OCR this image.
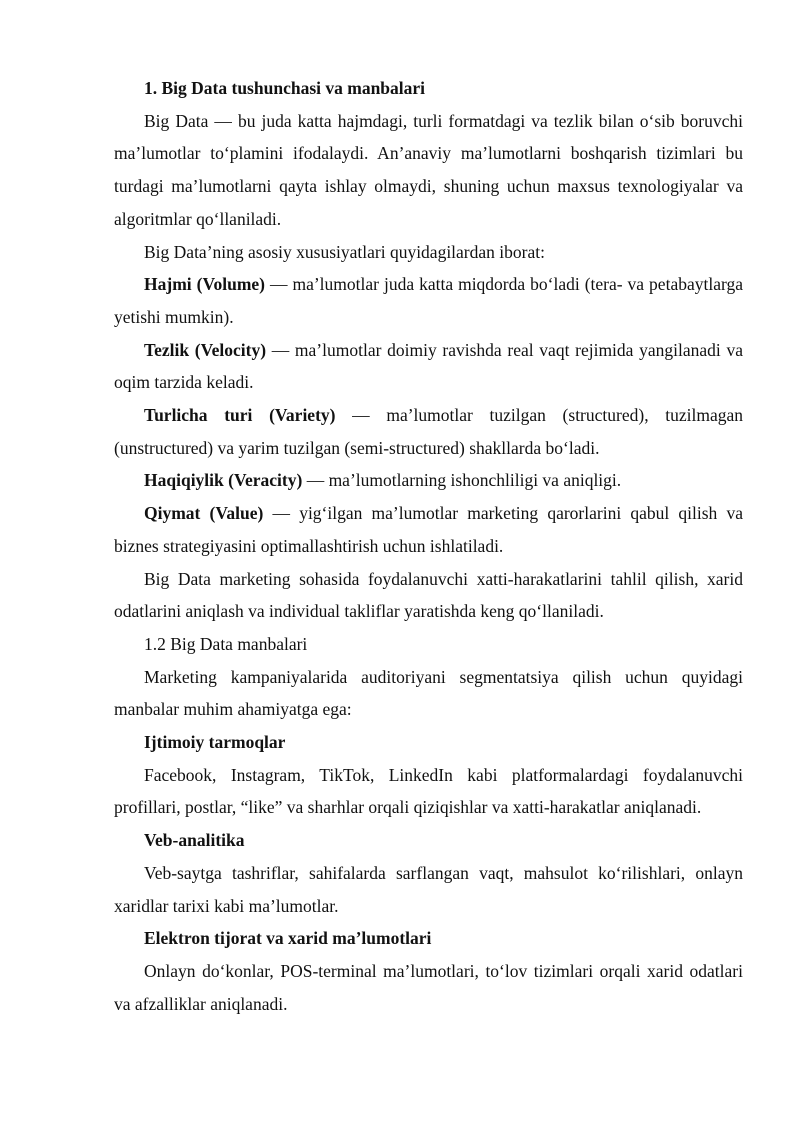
1. Big Data tushunchasi va manbalari

Big Data — bu juda katta hajmdagi, turli formatdagi va tezlik bilan o‘sib boruvchi ma’lumotlar to‘plamini ifodalaydi. An’anaviy ma’lumotlarni boshqarish tizimlari bu turdagi ma’lumotlarni qayta ishlay olmaydi, shuning uchun maxsus texnologiyalar va algoritmlar qo‘llaniladi.

Big Data’ning asosiy xususiyatlari quyidagilardan iborat:

Hajmi (Volume) — ma’lumotlar juda katta miqdorda bo‘ladi (tera- va petabaytlarga yetishi mumkin).

Tezlik (Velocity) — ma’lumotlar doimiy ravishda real vaqt rejimida yangilanadi va oqim tarzida keladi.

Turlicha turi (Variety) — ma’lumotlar tuzilgan (structured), tuzilmagan (unstructured) va yarim tuzilgan (semi-structured) shakllarda bo‘ladi.

Haqiqiylik (Veracity) — ma’lumotlarning ishonchliligi va aniqligi.

Qiymat (Value) — yig‘ilgan ma’lumotlar marketing qarorlarini qabul qilish va biznes strategiyasini optimallashtirish uchun ishlatiladi.

Big Data marketing sohasida foydalanuvchi xatti-harakatlarini tahlil qilish, xarid odatlarini aniqlash va individual takliflar yaratishda keng qo‘llaniladi.

1.2 Big Data manbalari

Marketing kampaniyalarida auditoriyani segmentatsiya qilish uchun quyidagi manbalar muhim ahamiyatga ega:

Ijtimoiy tarmoqlar

Facebook, Instagram, TikTok, LinkedIn kabi platformalardagi foydalanuvchi profillari, postlar, “like” va sharhlar orqali qiziqishlar va xatti-harakatlar aniqlanadi.

Veb-analitika

Veb-saytga tashriflar, sahifalarda sarflangan vaqt, mahsulot ko‘rilishlari, onlayn xaridlar tarixi kabi ma’lumotlar.

Elektron tijorat va xarid ma’lumotlari

Onlayn do‘konlar, POS-terminal ma’lumotlari, to‘lov tizimlari orqali xarid odatlari va afzalliklar aniqlanadi.
